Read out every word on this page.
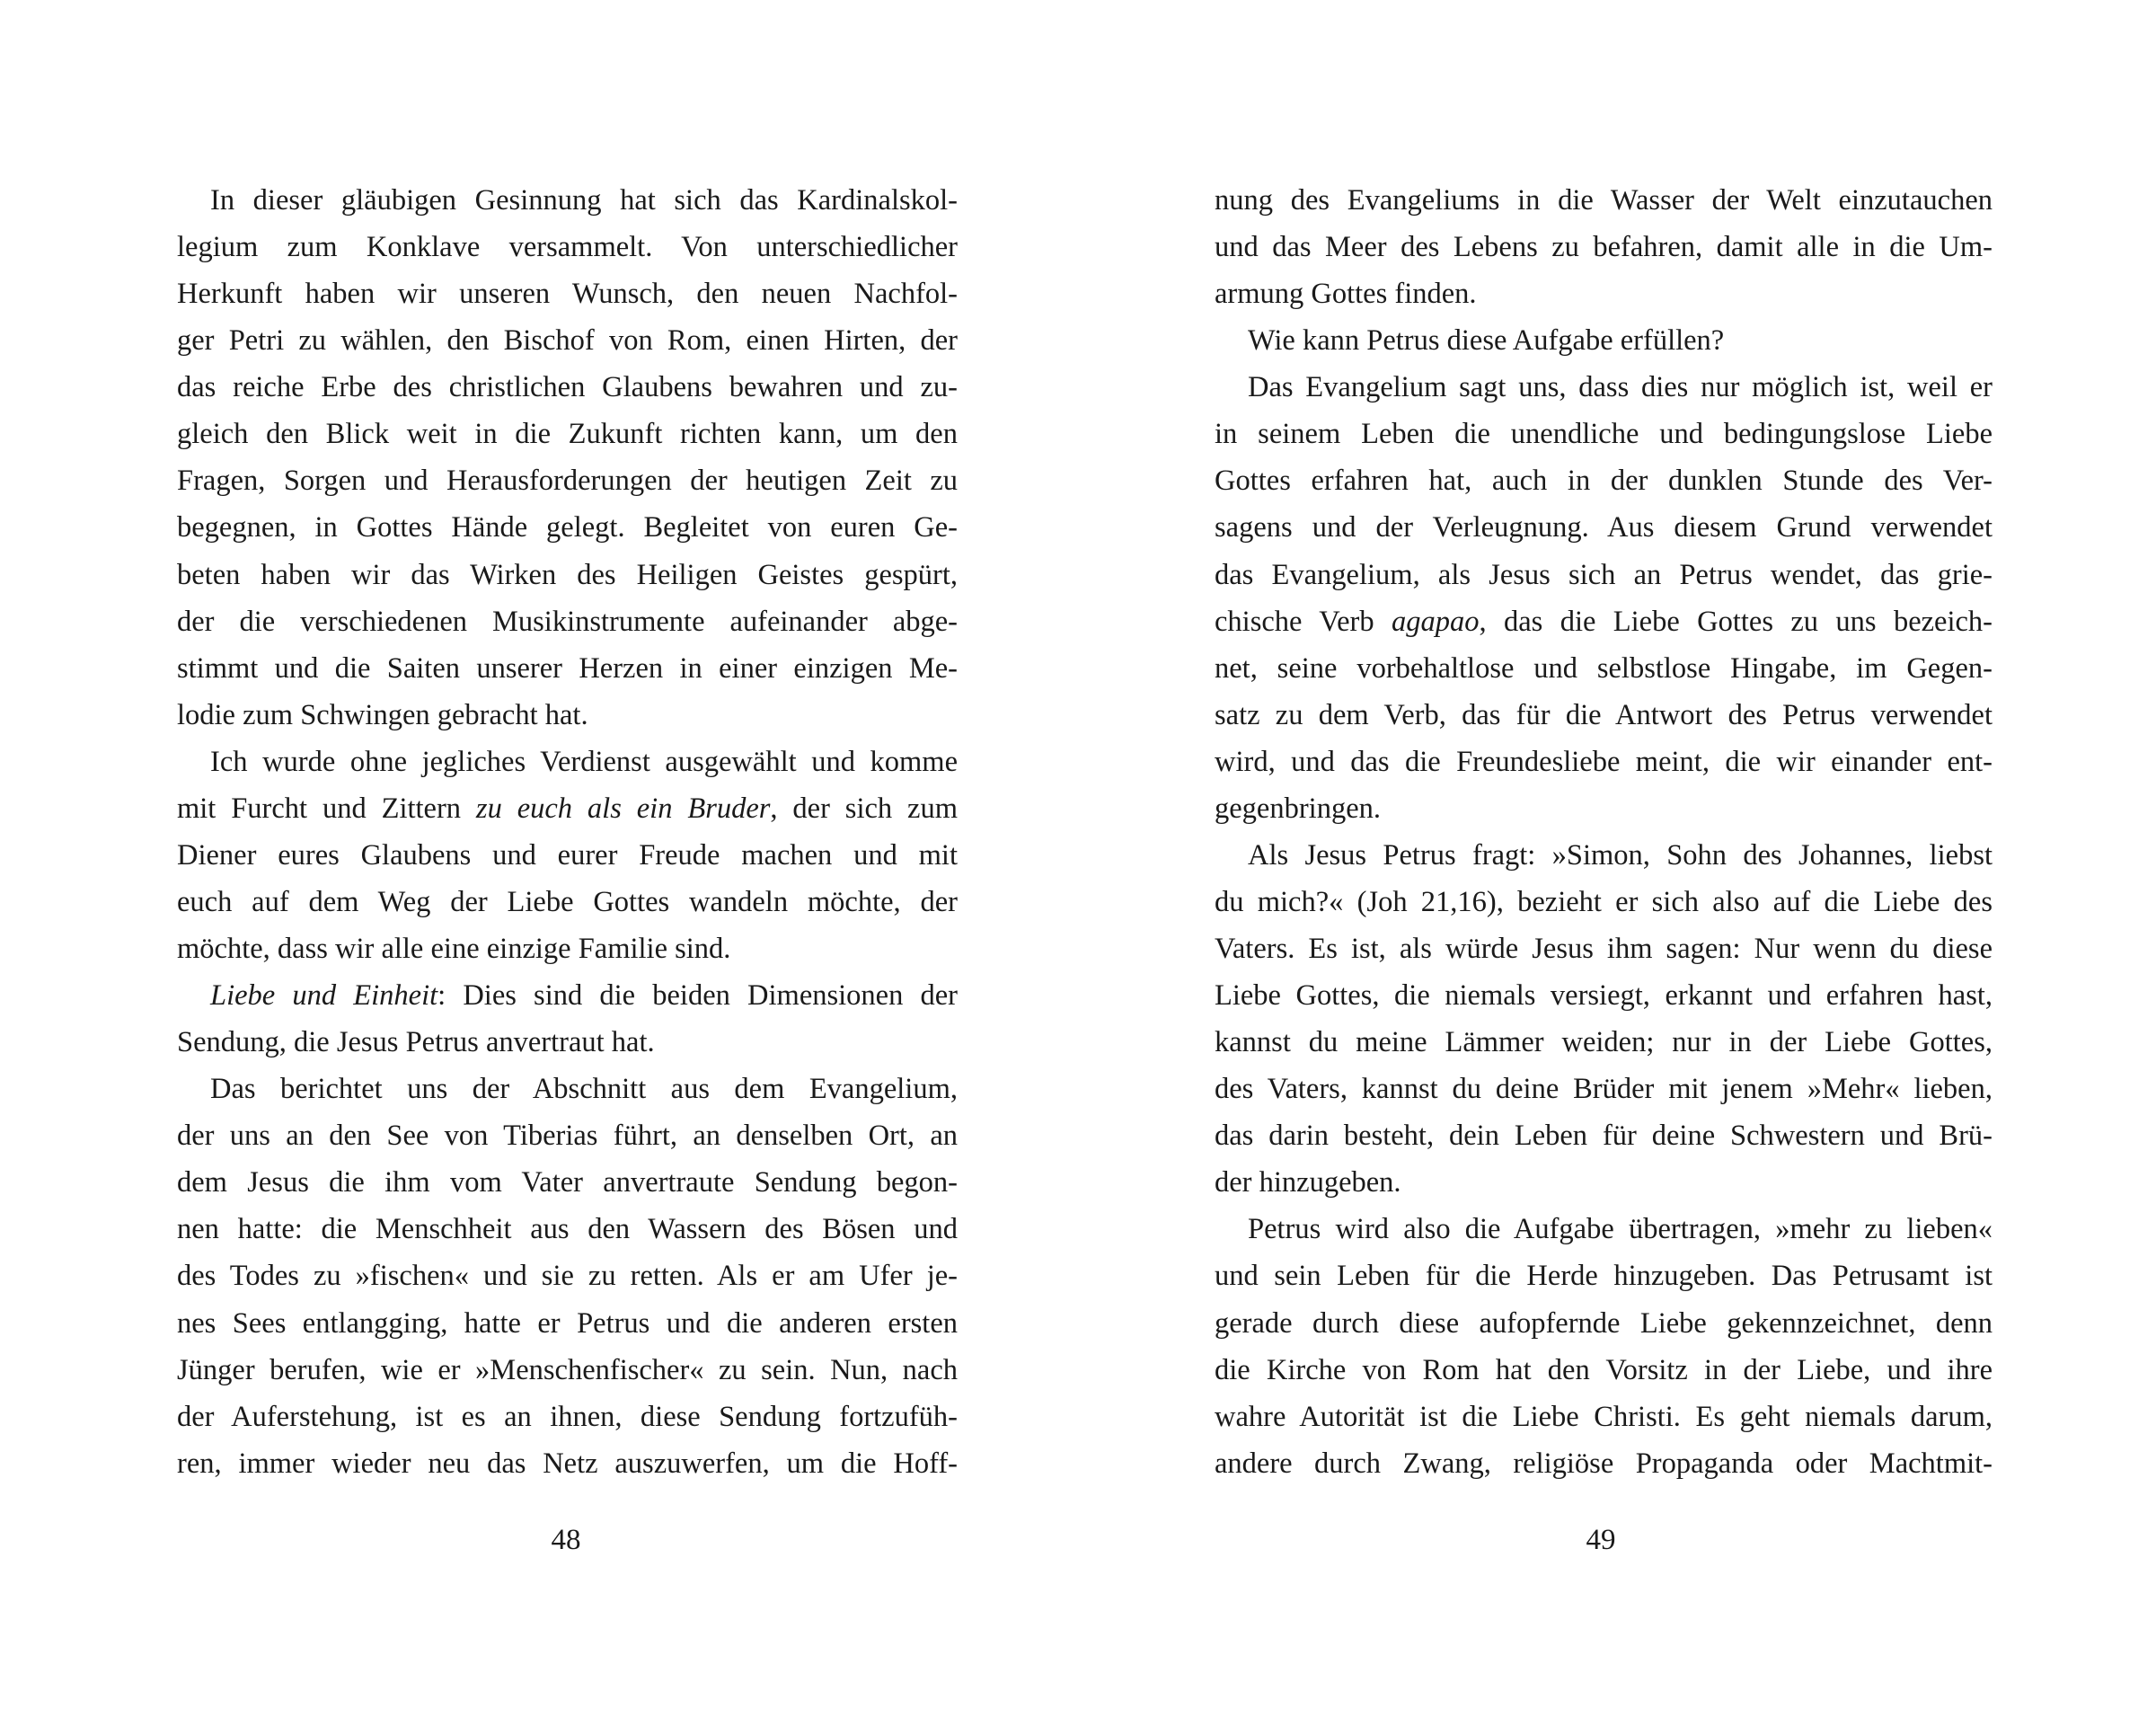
In dieser gläubigen Gesinnung hat sich das Kardinalskol-
legium zum Konklave versammelt. Von unterschiedlicher
Herkunft haben wir unseren Wunsch, den neuen Nachfol-
ger Petri zu wählen, den Bischof von Rom, einen Hirten, der
das reiche Erbe des christlichen Glaubens bewahren und zu-
gleich den Blick weit in die Zukunft richten kann, um den
Fragen, Sorgen und Herausforderungen der heutigen Zeit zu
begegnen, in Gottes Hände gelegt. Begleitet von euren Ge-
beten haben wir das Wirken des Heiligen Geistes gespürt,
der die verschiedenen Musikinstrumente aufeinander abge-
stimmt und die Saiten unserer Herzen in einer einzigen Me-
lodie zum Schwingen gebracht hat.
Ich wurde ohne jegliches Verdienst ausgewählt und komme
mit Furcht und Zittern zu euch als ein Bruder, der sich zum
Diener eures Glaubens und eurer Freude machen und mit
euch auf dem Weg der Liebe Gottes wandeln möchte, der
möchte, dass wir alle eine einzige Familie sind.
Liebe und Einheit: Dies sind die beiden Dimensionen der
Sendung, die Jesus Petrus anvertraut hat.
Das berichtet uns der Abschnitt aus dem Evangelium,
der uns an den See von Tiberias führt, an denselben Ort, an
dem Jesus die ihm vom Vater anvertraute Sendung begon-
nen hatte: die Menschheit aus den Wassern des Bösen und
des Todes zu »fischen« und sie zu retten. Als er am Ufer je-
nes Sees entlangging, hatte er Petrus und die anderen ersten
Jünger berufen, wie er »Menschenfischer« zu sein. Nun, nach
der Auferstehung, ist es an ihnen, diese Sendung fortzufüh-
ren, immer wieder neu das Netz auszuwerfen, um die Hoff-
nung des Evangeliums in die Wasser der Welt einzutauchen
und das Meer des Lebens zu befahren, damit alle in die Um-
armung Gottes finden.
Wie kann Petrus diese Aufgabe erfüllen?
Das Evangelium sagt uns, dass dies nur möglich ist, weil er
in seinem Leben die unendliche und bedingungslose Liebe
Gottes erfahren hat, auch in der dunklen Stunde des Ver-
sagens und der Verleugnung. Aus diesem Grund verwendet
das Evangelium, als Jesus sich an Petrus wendet, das grie-
chische Verb agapao, das die Liebe Gottes zu uns bezeich-
net, seine vorbehaltlose und selbstlose Hingabe, im Gegen-
satz zu dem Verb, das für die Antwort des Petrus verwendet
wird, und das die Freundesliebe meint, die wir einander ent-
gegenbringen.
Als Jesus Petrus fragt: »Simon, Sohn des Johannes, liebst
du mich?« (Joh 21,16), bezieht er sich also auf die Liebe des
Vaters. Es ist, als würde Jesus ihm sagen: Nur wenn du diese
Liebe Gottes, die niemals versiegt, erkannt und erfahren hast,
kannst du meine Lämmer weiden; nur in der Liebe Gottes,
des Vaters, kannst du deine Brüder mit jenem »Mehr« lieben,
das darin besteht, dein Leben für deine Schwestern und Brü-
der hinzugeben.
Petrus wird also die Aufgabe übertragen, »mehr zu lieben«
und sein Leben für die Herde hinzugeben. Das Petrusamt ist
gerade durch diese aufopfernde Liebe gekennzeichnet, denn
die Kirche von Rom hat den Vorsitz in der Liebe, und ihre
wahre Autorität ist die Liebe Christi. Es geht niemals darum,
andere durch Zwang, religiöse Propaganda oder Machtmit-
48	49
